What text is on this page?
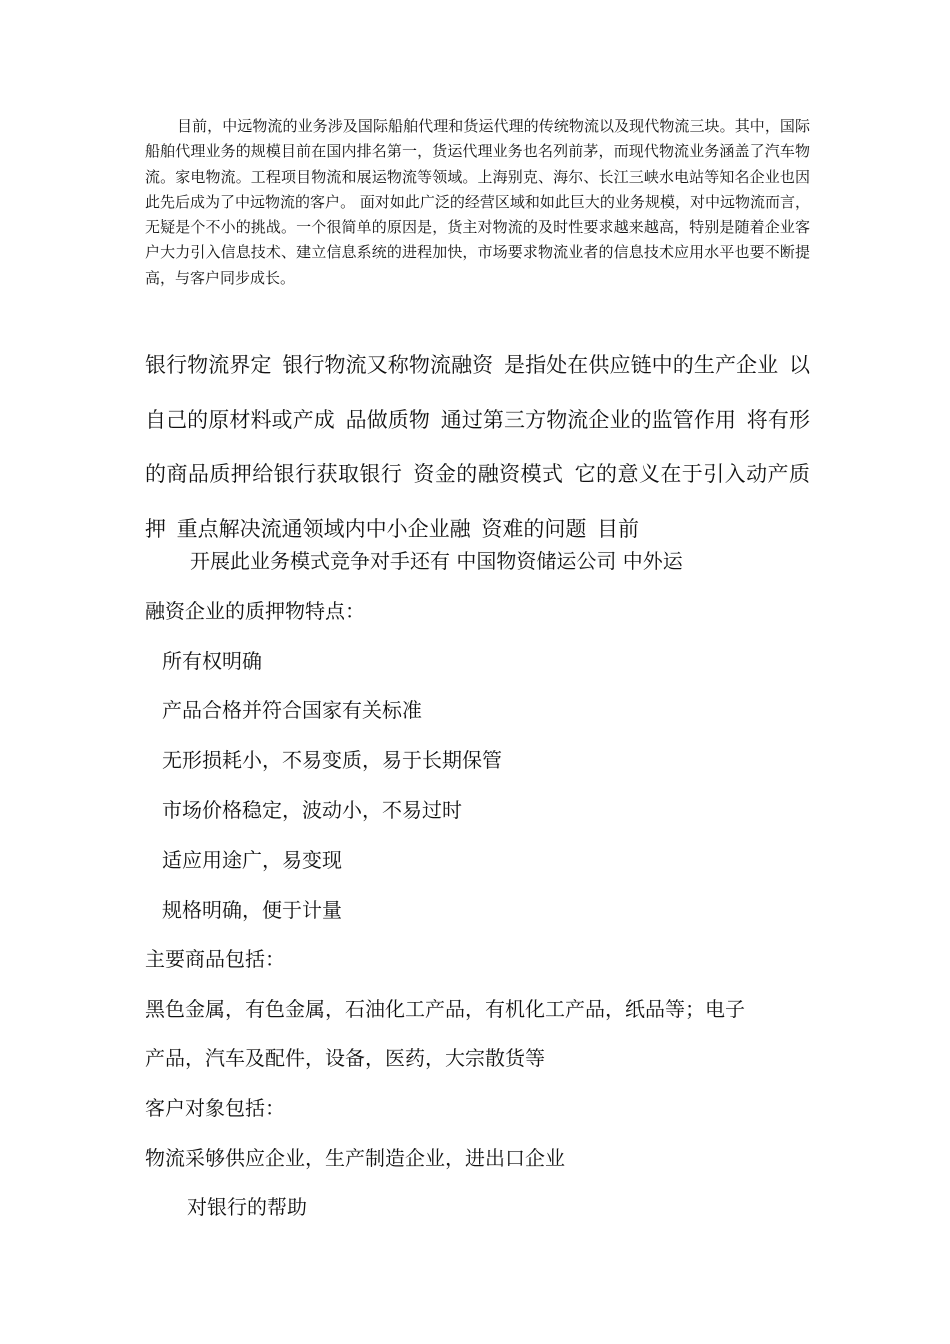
目前，中远物流的业务涉及国际船舶代理和货运代理的传统物流以及现代物流三块。其中，国际船舶代理业务的规模目前在国内排名第一，货运代理业务也名列前茅，而现代物流业务涵盖了汽车物流。家电物流。工程项目物流和展运物流等领域。上海别克、海尔、长江三峡水电站等知名企业也因此先后成为了中远物流的客户。 面对如此广泛的经营区域和如此巨大的业务规模，对中远物流而言，无疑是个不小的挑战。一个很简单的原因是，货主对物流的及时性要求越来越高，特别是随着企业客户大力引入信息技术、建立信息系统的进程加快，市场要求物流业者的信息技术应用水平也要不断提高，与客户同步成长。

银行物流界定 银行物流又称物流融资 是指处在供应链中的生产企业 以自己的原材料或产成 品做质物 通过第三方物流企业的监管作用 将有形的商品质押给银行获取银行 资金的融资模式 它的意义在于引入动产质押 重点解决流通领域内中小企业融 资难的问题 目前

开展此业务模式竞争对手还有 中国物资储运公司 中外运

融资企业的质押物特点：

所有权明确

产品合格并符合国家有关标准

无形损耗小，不易变质，易于长期保管

市场价格稳定，波动小，不易过时

适应用途广，易变现

规格明确，便于计量

主要商品包括：

黑色金属，有色金属，石油化工产品，有机化工产品，纸品等；电子

产品，汽车及配件，设备，医药，大宗散货等

客户对象包括：

物流采够供应企业，生产制造企业，进出口企业

对银行的帮助
